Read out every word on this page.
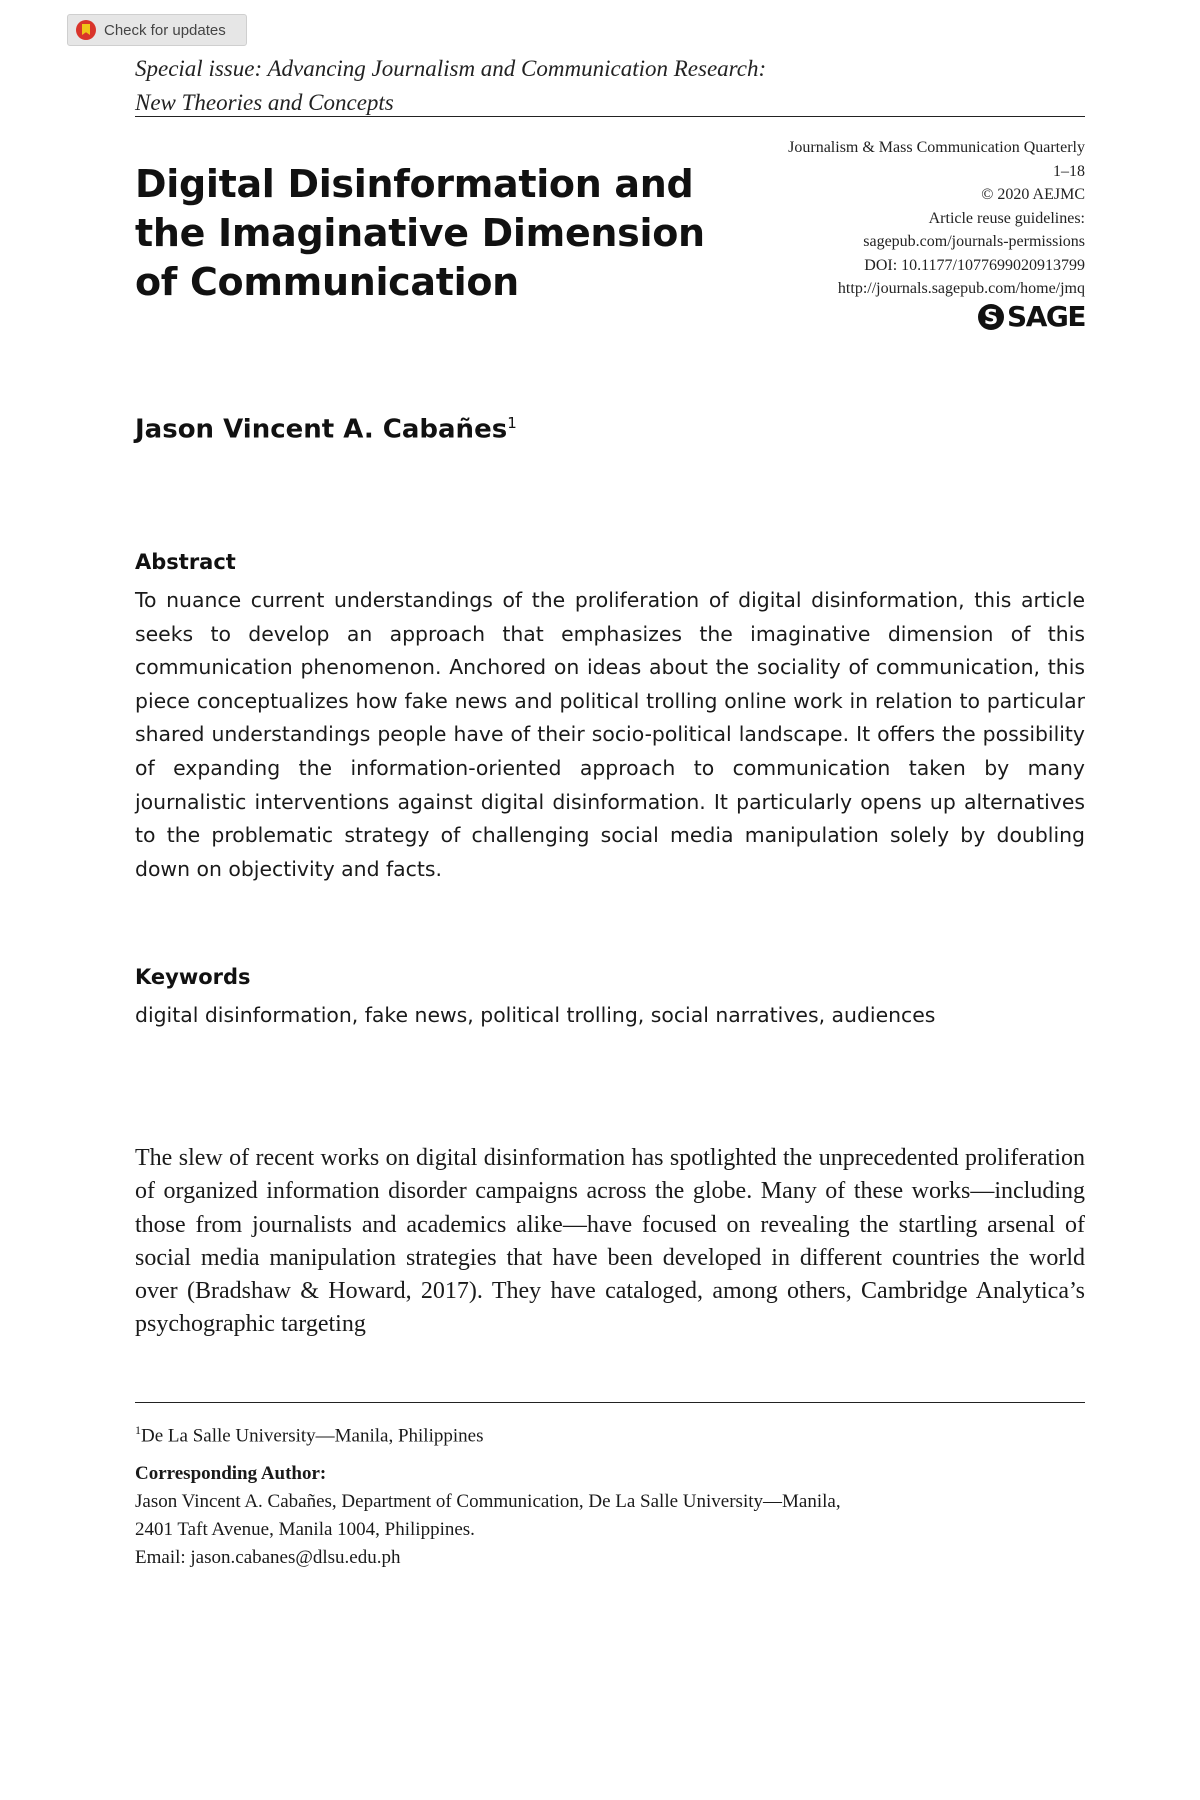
Check for updates
Special issue: Advancing Journalism and Communication Research:
New Theories and Concepts
Digital Disinformation and
the Imaginative Dimension
of Communication
Journalism & Mass Communication Quarterly
1–18
© 2020 AEJMC
Article reuse guidelines:
sagepub.com/journals-permissions
DOI: 10.1177/1077699020913799
http://journals.sagepub.com/home/jmq
S SAGE
Jason Vincent A. Cabañes$^1$
Abstract
To nuance current understandings of the proliferation of digital disinformation, this article seeks to develop an approach that emphasizes the imaginative dimension of this communication phenomenon. Anchored on ideas about the sociality of communication, this piece conceptualizes how fake news and political trolling online work in relation to particular shared understandings people have of their socio-political landscape. It offers the possibility of expanding the information-oriented approach to communication taken by many journalistic interventions against digital disinformation. It particularly opens up alternatives to the problematic strategy of challenging social media manipulation solely by doubling down on objectivity and facts.
Keywords
digital disinformation, fake news, political trolling, social narratives, audiences
The slew of recent works on digital disinformation has spotlighted the unprecedented proliferation of organized information disorder campaigns across the globe. Many of these works—including those from journalists and academics alike—have focused on revealing the startling arsenal of social media manipulation strategies that have been developed in different countries the world over (Bradshaw & Howard, 2017). They have cataloged, among others, Cambridge Analytica’s psychographic targeting
$^1$De La Salle University—Manila, Philippines
Corresponding Author:
Jason Vincent A. Cabañes, Department of Communication, De La Salle University—Manila,
2401 Taft Avenue, Manila 1004, Philippines.
Email: jason.cabanes@dlsu.edu.ph
